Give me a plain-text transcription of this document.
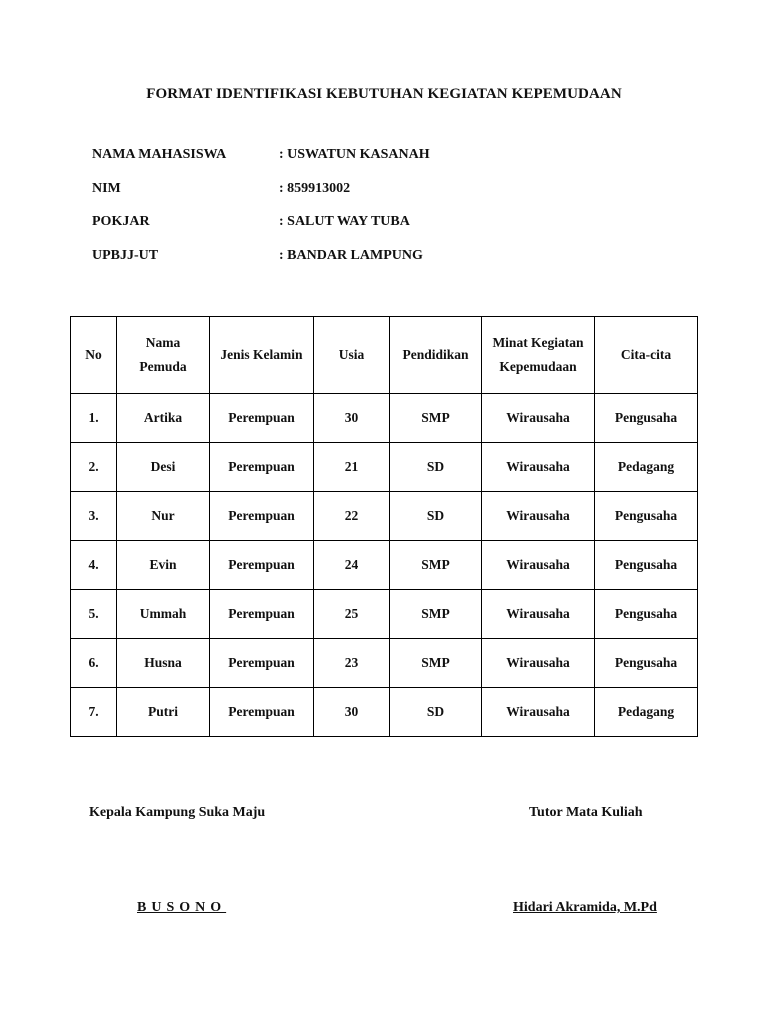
FORMAT IDENTIFIKASI KEBUTUHAN KEGIATAN KEPEMUDAAN
NAMA MAHASISWA	: USWATUN KASANAH
NIM	: 859913002
POKJAR	: SALUT WAY TUBA
UPBJJ-UT	: BANDAR LAMPUNG
No	Nama Pemuda	Jenis Kelamin	Usia	Pendidikan	Minat Kegiatan Kepemudaan	Cita-cita
1.	Artika	Perempuan	30	SMP	Wirausaha	Pengusaha
2.	Desi	Perempuan	21	SD	Wirausaha	Pedagang
3.	Nur	Perempuan	22	SD	Wirausaha	Pengusaha
4.	Evin	Perempuan	24	SMP	Wirausaha	Pengusaha
5.	Ummah	Perempuan	25	SMP	Wirausaha	Pengusaha
6.	Husna	Perempuan	23	SMP	Wirausaha	Pengusaha
7.	Putri	Perempuan	30	SD	Wirausaha	Pedagang
Kepala Kampung Suka Maju	Tutor Mata Kuliah
BUSONO	Hidari Akramida, M.Pd
